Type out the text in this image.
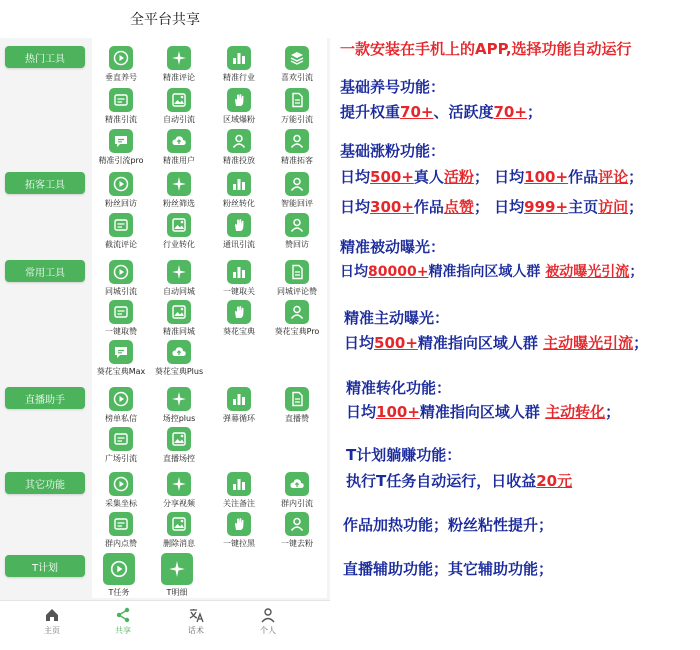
全平台共享
热门工具
拓客工具
常用工具
直播助手
其它功能
T计划
垂直养号	精准评论	精准行业	喜欢引流
精准引流	自动引流	区域爆粉	万能引流
精准引流pro	精准用户	精准投放	精准拓客
粉丝回访	粉丝筛选	粉丝转化	智能回评
截流评论	行业转化	通讯引流	赞回访
同城引流	自动同城	一键取关	同城评论赞
一键取赞	精准同城	葵花宝典	葵花宝典Pro
葵花宝典Max	葵花宝典Plus
榜单私信	场控plus	弹幕循环	直播赞
广场引流	直播场控
采集坐标	分享视频	关注备注	群内引流
群内点赞	删除消息	一键拉黑	一键去粉
T任务	T明细
主页	共享	话术	个人
一款安装在手机上的APP,选择功能自动运行
基础养号功能：
提升权重70+、活跃度70+；
基础涨粉功能：
日均500+真人活粉； 日均100+作品评论；
日均300+作品点赞； 日均999+主页访问；
精准被动曝光：
日均80000+精准指向区域人群 被动曝光引流；
精准主动曝光：
日均500+精准指向区域人群 主动曝光引流；
精准转化功能：
日均100+精准指向区域人群 主动转化；
T计划躺赚功能：
执行T任务自动运行，日收益20元
作品加热功能；粉丝粘性提升；
直播辅助功能；其它辅助功能；
